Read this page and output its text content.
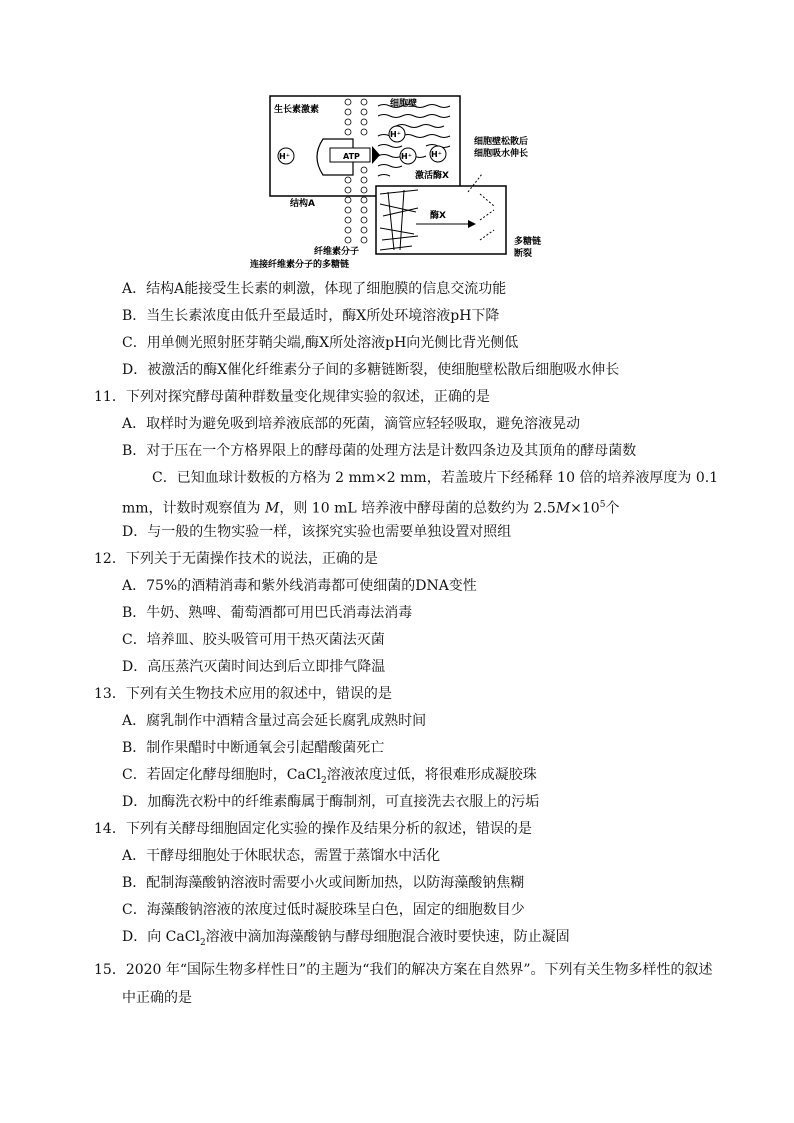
ATP
H⁺
H⁺
H⁺ H⁺
生长素激素
细胞壁
细胞壁松散后
细胞吸水伸长
激活酶X
结构A
酶X
多糖链
断裂
纤维素分子
连接纤维素分子的多糖链
A．结构A能接受生长素的刺激，体现了细胞膜的信息交流功能
B．当生长素浓度由低升至最适时，酶X所处环境溶液pH下降
C．用单侧光照射胚芽鞘尖端,酶X所处溶液pH向光侧比背光侧低
D．被激活的酶X催化纤维素分子间的多糖链断裂，使细胞壁松散后细胞吸水伸长
11．下列对探究酵母菌种群数量变化规律实验的叙述，正确的是
A．取样时为避免吸到培养液底部的死菌，滴管应轻轻吸取，避免溶液晃动
B．对于压在一个方格界限上的酵母菌的处理方法是计数四条边及其顶角的酵母菌数
C．已知血球计数板的方格为 2 mm×2 mm，若盖玻片下经稀释 10 倍的培养液厚度为 0.1
mm，计数时观察值为 M，则 10 mL 培养液中酵母菌的总数约为 $2.5M\times 10^5$个
D．与一般的生物实验一样，该探究实验也需要单独设置对照组
12．下列关于无菌操作技术的说法，正确的是
A．75%的酒精消毒和紫外线消毒都可使细菌的DNA变性
B．牛奶、熟啤、葡萄酒都可用巴氏消毒法消毒
C．培养皿、胶头吸管可用干热灭菌法灭菌
D．高压蒸汽灭菌时间达到后立即排气降温
13．下列有关生物技术应用的叙述中，错误的是
A．腐乳制作中酒精含量过高会延长腐乳成熟时间
B．制作果醋时中断通氧会引起醋酸菌死亡
C．若固定化酵母细胞时，CaCl$_2$溶液浓度过低，将很难形成凝胶珠
D．加酶洗衣粉中的纤维素酶属于酶制剂，可直接洗去衣服上的污垢
14．下列有关酵母细胞固定化实验的操作及结果分析的叙述，错误的是
A．干酵母细胞处于休眠状态，需置于蒸馏水中活化
B．配制海藻酸钠溶液时需要小火或间断加热，以防海藻酸钠焦糊
C．海藻酸钠溶液的浓度过低时凝胶珠呈白色，固定的细胞数目少
D．向 CaCl$_2$溶液中滴加海藻酸钠与酵母细胞混合液时要快速，防止凝固
15．2020 年“国际生物多样性日”的主题为“我们的解决方案在自然界”。下列有关生物多样性的叙述
中正确的是
